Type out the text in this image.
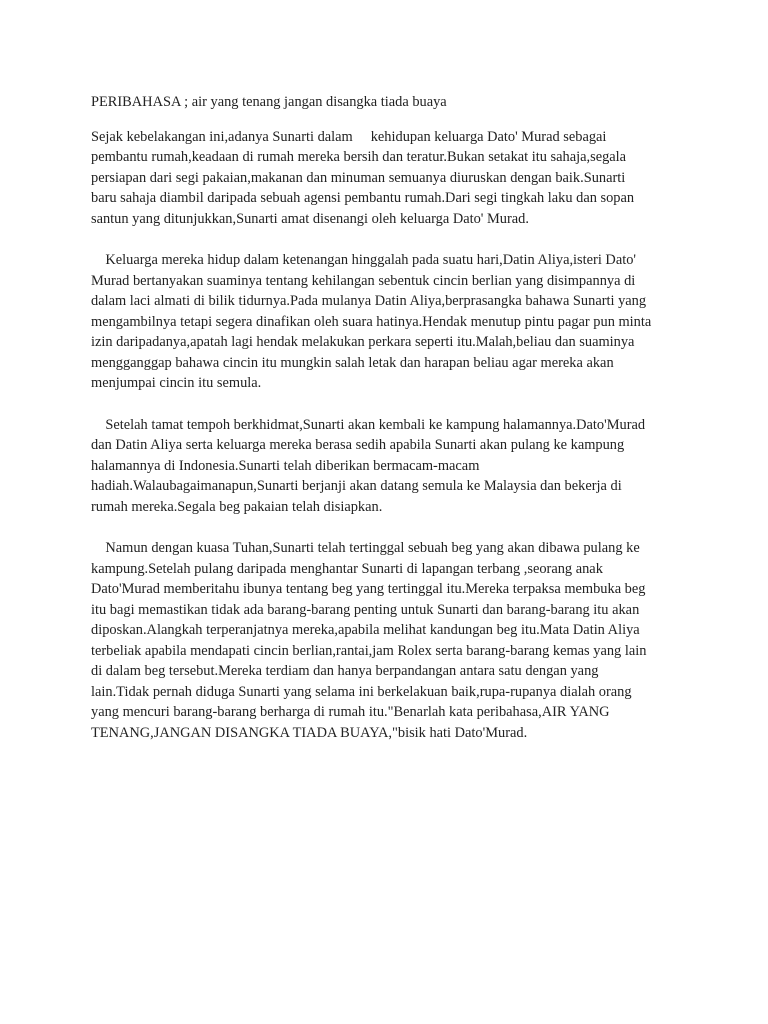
PERIBAHASA ; air yang tenang jangan disangka tiada buaya
Sejak kebelakangan ini,adanya Sunarti dalam     kehidupan keluarga Dato' Murad sebagai
pembantu rumah,keadaan di rumah mereka bersih dan teratur.Bukan setakat itu sahaja,segala
persiapan dari segi pakaian,makanan dan minuman semuanya diuruskan dengan baik.Sunarti
baru sahaja diambil daripada sebuah agensi pembantu rumah.Dari segi tingkah laku dan sopan
santun yang ditunjukkan,Sunarti amat disenangi oleh keluarga Dato' Murad.
Keluarga mereka hidup dalam ketenangan hinggalah pada suatu hari,Datin Aliya,isteri Dato'
Murad bertanyakan suaminya tentang kehilangan sebentuk cincin berlian yang disimpannya di
dalam laci almati di bilik tidurnya.Pada mulanya Datin Aliya,berprasangka bahawa Sunarti yang
mengambilnya tetapi segera dinafikan oleh suara hatinya.Hendak menutup pintu pagar pun minta
izin daripadanya,apatah lagi hendak melakukan perkara seperti itu.Malah,beliau dan suaminya
mengganggap bahawa cincin itu mungkin salah letak dan harapan beliau agar mereka akan
menjumpai cincin itu semula.
Setelah tamat tempoh berkhidmat,Sunarti akan kembali ke kampung halamannya.Dato'Murad
dan Datin Aliya serta keluarga mereka berasa sedih apabila Sunarti akan pulang ke kampung
halamannya di Indonesia.Sunarti telah diberikan bermacam-macam
hadiah.Walaubagaimanapun,Sunarti berjanji akan datang semula ke Malaysia dan bekerja di
rumah mereka.Segala beg pakaian telah disiapkan.
Namun dengan kuasa Tuhan,Sunarti telah tertinggal sebuah beg yang akan dibawa pulang ke
kampung.Setelah pulang daripada menghantar Sunarti di lapangan terbang ,seorang anak
Dato'Murad memberitahu ibunya tentang beg yang tertinggal itu.Mereka terpaksa membuka beg
itu bagi memastikan tidak ada barang-barang penting untuk Sunarti dan barang-barang itu akan
diposkan.Alangkah terperanjatnya mereka,apabila melihat kandungan beg itu.Mata Datin Aliya
terbeliak apabila mendapati cincin berlian,rantai,jam Rolex serta barang-barang kemas yang lain
di dalam beg tersebut.Mereka terdiam dan hanya berpandangan antara satu dengan yang
lain.Tidak pernah diduga Sunarti yang selama ini berkelakuan baik,rupa-rupanya dialah orang
yang mencuri barang-barang berharga di rumah itu."Benarlah kata peribahasa,AIR YANG
TENANG,JANGAN DISANGKA TIADA BUAYA,"bisik hati Dato'Murad.
